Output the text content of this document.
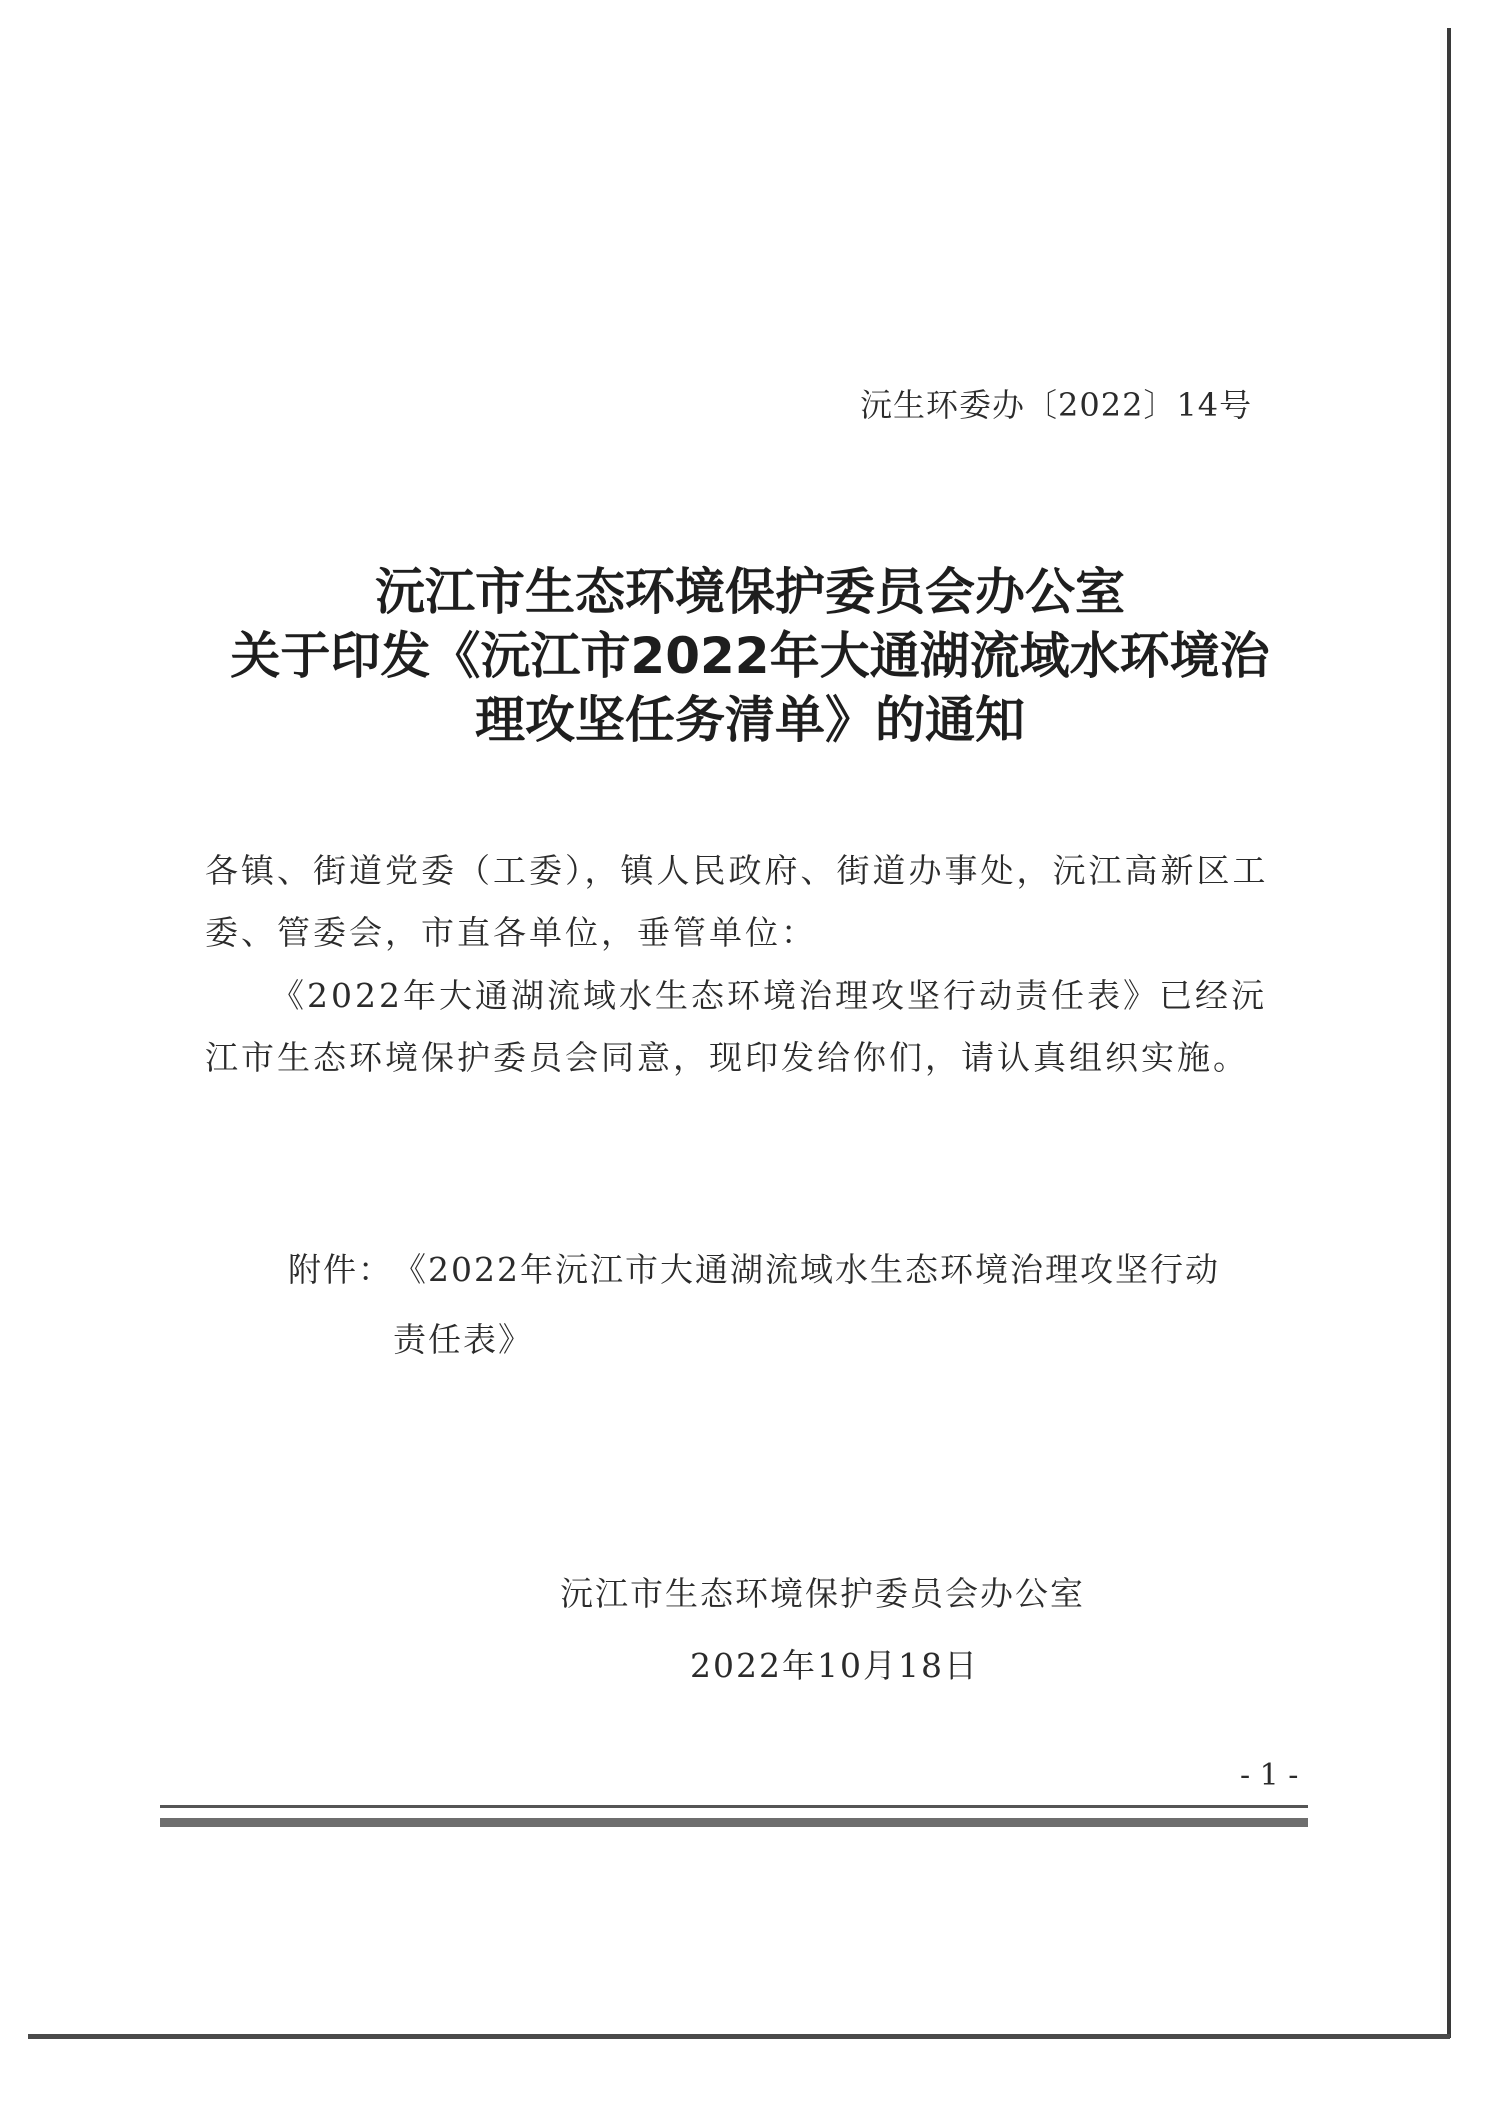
沅生环委办〔2022〕14号
沅江市生态环境保护委员会办公室
关于印发《沅江市2022年大通湖流域水环境治
理攻坚任务清单》的通知
各镇、街道党委（工委），镇人民政府、街道办事处，沅江高新区工委、管委会，市直各单位，垂管单位：
《2022年大通湖流域水生态环境治理攻坚行动责任表》已经沅江市生态环境保护委员会同意，现印发给你们，请认真组织实施。
附件：《2022年沅江市大通湖流域水生态环境治理攻坚行动责任表》
沅江市生态环境保护委员会办公室
2022年10月18日
- 1 -
